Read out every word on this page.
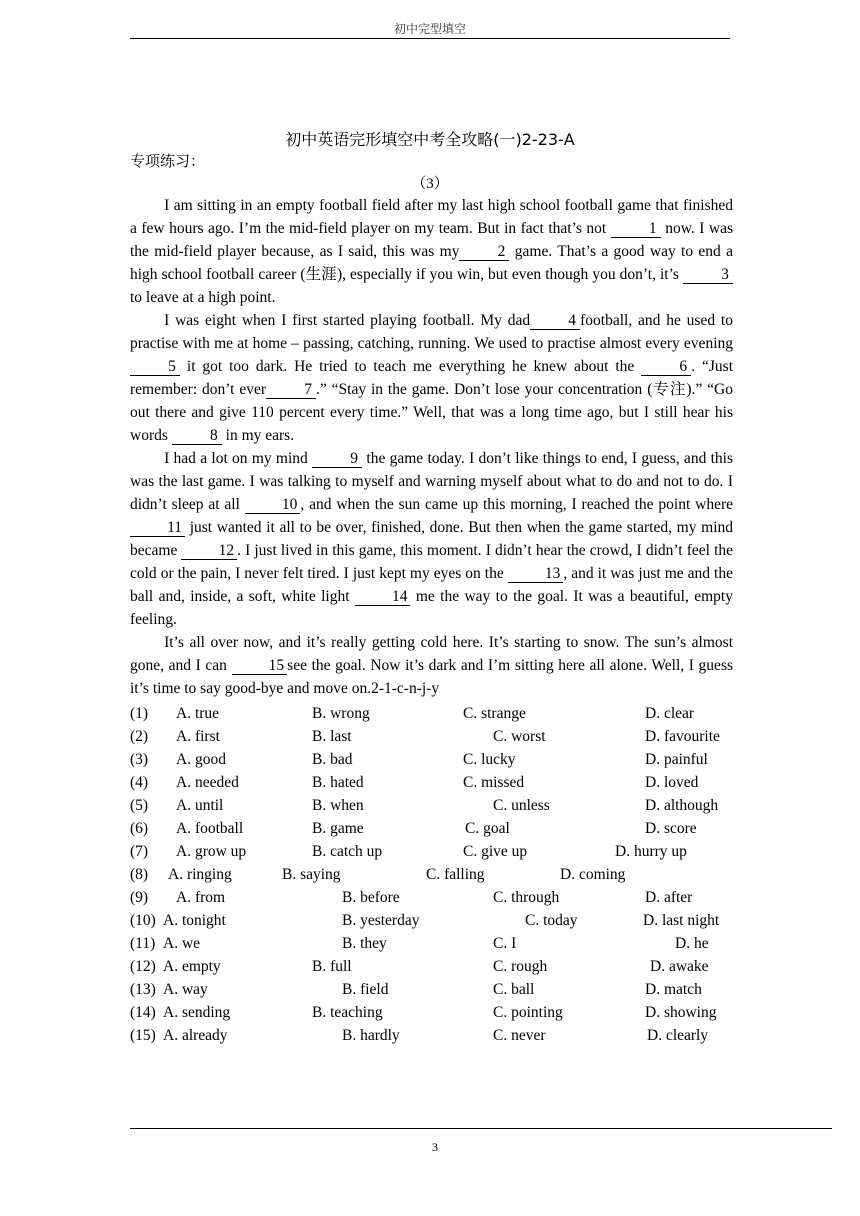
初中完型填空
初中英语完形填空中考全攻略(一)2-23-A
专项练习：
（3）

I am sitting in an empty football field after my last high school football game that finished a few hours ago. I’m the mid-field player on my team. But in fact that’s not 1 now. I was the mid-field player because, as I said, this was my 2 game. That’s a good way to end a high school football career (生涯), especially if you win, but even though you don’t, it’s 3 to leave at a high point.

I was eight when I first started playing football. My dad 4 football, and he used to practise with me at home – passing, catching, running. We used to practise almost every evening 5 it got too dark. He tried to teach me everything he knew about the 6 . “Just remember: don’t ever 7 .” “Stay in the game. Don’t lose your concentration (专注).” “Go out there and give 110 percent every time.” Well, that was a long time ago, but I still hear his words 8 in my ears.

I had a lot on my mind 9 the game today. I don’t like things to end, I guess, and this was the last game. I was talking to myself and warning myself about what to do and not to do. I didn’t sleep at all 10 , and when the sun came up this morning, I reached the point where 11 just wanted it all to be over, finished, done. But then when the game started, my mind became 12 . I just lived in this game, this moment. I didn’t hear the crowd, I didn’t feel the cold or the pain, I never felt tired. I just kept my eyes on the 13 , and it was just me and the ball and, inside, a soft, white light 14 me the way to the goal. It was a beautiful, empty feeling.

It’s all over now, and it’s really getting cold here. It’s starting to snow. The sun’s almost gone, and I can 15 see the goal. Now it’s dark and I’m sitting here all alone. Well, I guess it’s time to say good-bye and move on.2-1-c-n-j-y

(1) A. true	B. wrong	C. strange	D. clear
(2) A. first	B. last	C. worst	D. favourite
(3) A. good	B. bad	C. lucky	D. painful
(4) A. needed	B. hated	C. missed	D. loved
(5) A. until	B. when	C. unless	D. although
(6) A. football	B. game	C. goal	D. score
(7) A. grow up	B. catch up	C. give up	D. hurry up
(8) A. ringing	B. saying	C. falling	D. coming
(9) A. from	B. before	C. through	D. after
(10) A. tonight	B. yesterday	C. today	D. last night
(11) A. we	B. they	C. I	D. he
(12) A. empty	B. full	C. rough	D. awake
(13) A. way	B. field	C. ball	D. match
(14) A. sending	B. teaching	C. pointing	D. showing
(15) A. already	B. hardly	C. never	D. clearly
3
